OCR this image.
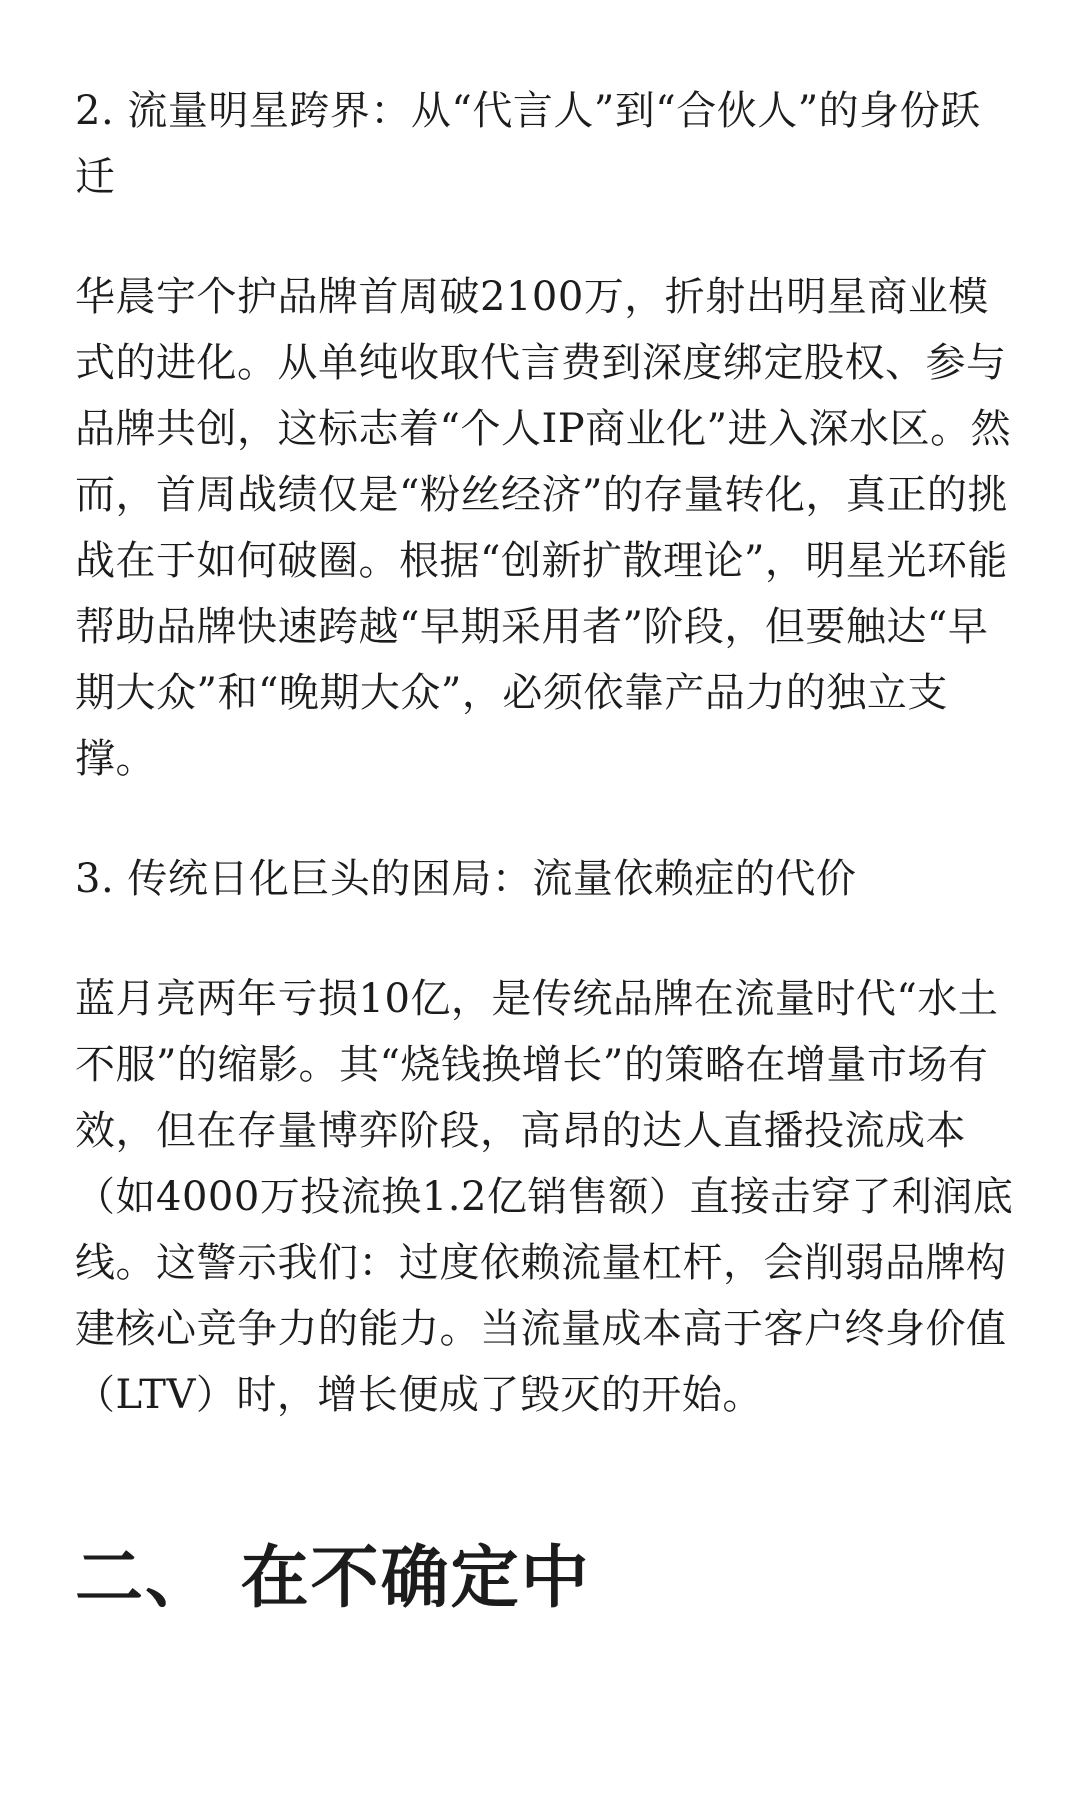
2. 流量明星跨界：从“代言人”到“合伙人”的身份跃迁

华晨宇个护品牌首周破2100万，折射出明星商业模式的进化。从单纯收取代言费到深度绑定股权、参与品牌共创，这标志着“个人IP商业化”进入深水区。然而，首周战绩仅是“粉丝经济”的存量转化，真正的挑战在于如何破圈。根据“创新扩散理论”，明星光环能帮助品牌快速跨越“早期采用者”阶段，但要触达“早期大众”和“晚期大众”，必须依靠产品力的独立支撑。

3. 传统日化巨头的困局：流量依赖症的代价

蓝月亮两年亏损10亿，是传统品牌在流量时代“水土不服”的缩影。其“烧钱换增长”的策略在增量市场有效，但在存量博弈阶段，高昂的达人直播投流成本（如4000万投流换1.2亿销售额）直接击穿了利润底线。这警示我们：过度依赖流量杠杆，会削弱品牌构建核心竞争力的能力。当流量成本高于客户终身价值（LTV）时，增长便成了毁灭的开始。

二、 在不确定中
